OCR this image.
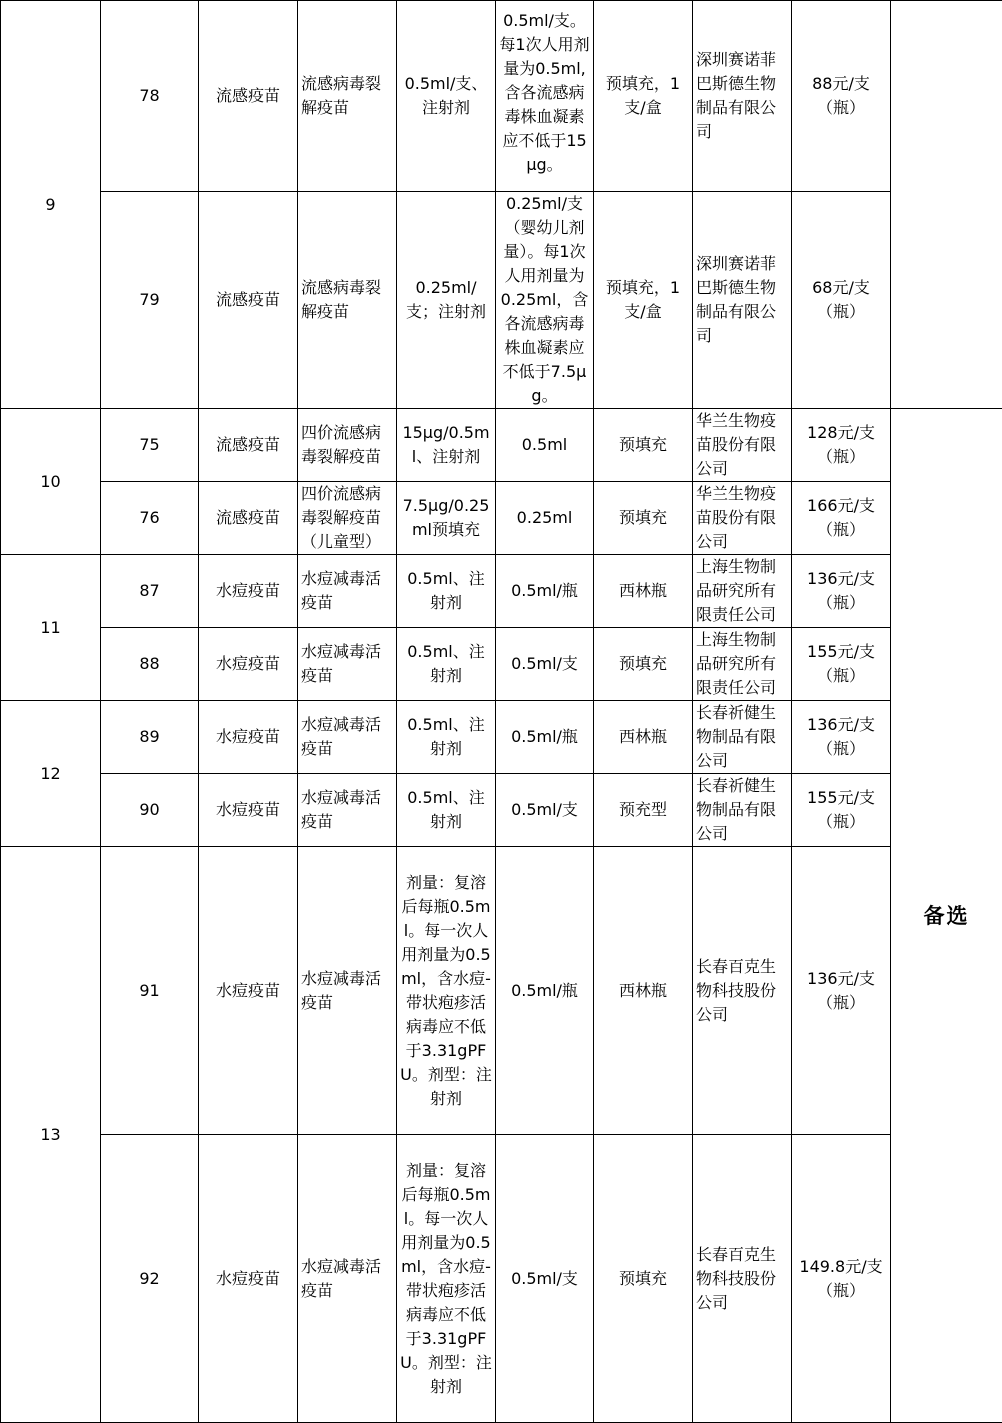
9	78	流感疫苗	流感病毒裂解疫苗	0.5ml/支、注射剂	0.5ml/支。每1次人用剂量为0.5ml,含各流感病毒株血凝素应不低于15μg。	预填充，1支/盒	深圳赛诺菲巴斯德生物制品有限公司	88元/支（瓶）	
	79	流感疫苗	流感病毒裂解疫苗	0.25ml/支；注射剂	0.25ml/支（婴幼儿剂量）。每1次人用剂量为0.25ml，含各流感病毒株血凝素应不低于7.5μg。	预填充，1支/盒	深圳赛诺菲巴斯德生物制品有限公司	68元/支（瓶）	
10	75	流感疫苗	四价流感病毒裂解疫苗	15μg/0.5ml、注射剂	0.5ml	预填充	华兰生物疫苗股份有限公司	128元/支（瓶）	备选
	76	流感疫苗	四价流感病毒裂解疫苗（儿童型）	7.5μg/0.25ml预填充	0.25ml	预填充	华兰生物疫苗股份有限公司	166元/支（瓶）	
11	87	水痘疫苗	水痘减毒活疫苗	0.5ml、注射剂	0.5ml/瓶	西林瓶	上海生物制品研究所有限责任公司	136元/支（瓶）	
	88	水痘疫苗	水痘减毒活疫苗	0.5ml、注射剂	0.5ml/支	预填充	上海生物制品研究所有限责任公司	155元/支（瓶）	
12	89	水痘疫苗	水痘减毒活疫苗	0.5ml、注射剂	0.5ml/瓶	西林瓶	长春祈健生物制品有限公司	136元/支（瓶）	
	90	水痘疫苗	水痘减毒活疫苗	0.5ml、注射剂	0.5ml/支	预充型	长春祈健生物制品有限公司	155元/支（瓶）	
13	91	水痘疫苗	水痘减毒活疫苗	剂量：复溶后每瓶0.5ml。每一次人用剂量为0.5ml，含水痘-带状疱疹活病毒应不低于3.31gPFU。剂型：注射剂	0.5ml/瓶	西林瓶	长春百克生物科技股份公司	136元/支（瓶）	
	92	水痘疫苗	水痘减毒活疫苗	剂量：复溶后每瓶0.5ml。每一次人用剂量为0.5ml，含水痘-带状疱疹活病毒应不低于3.31gPFU。剂型：注射剂	0.5ml/支	预填充	长春百克生物科技股份公司	149.8元/支（瓶）	
